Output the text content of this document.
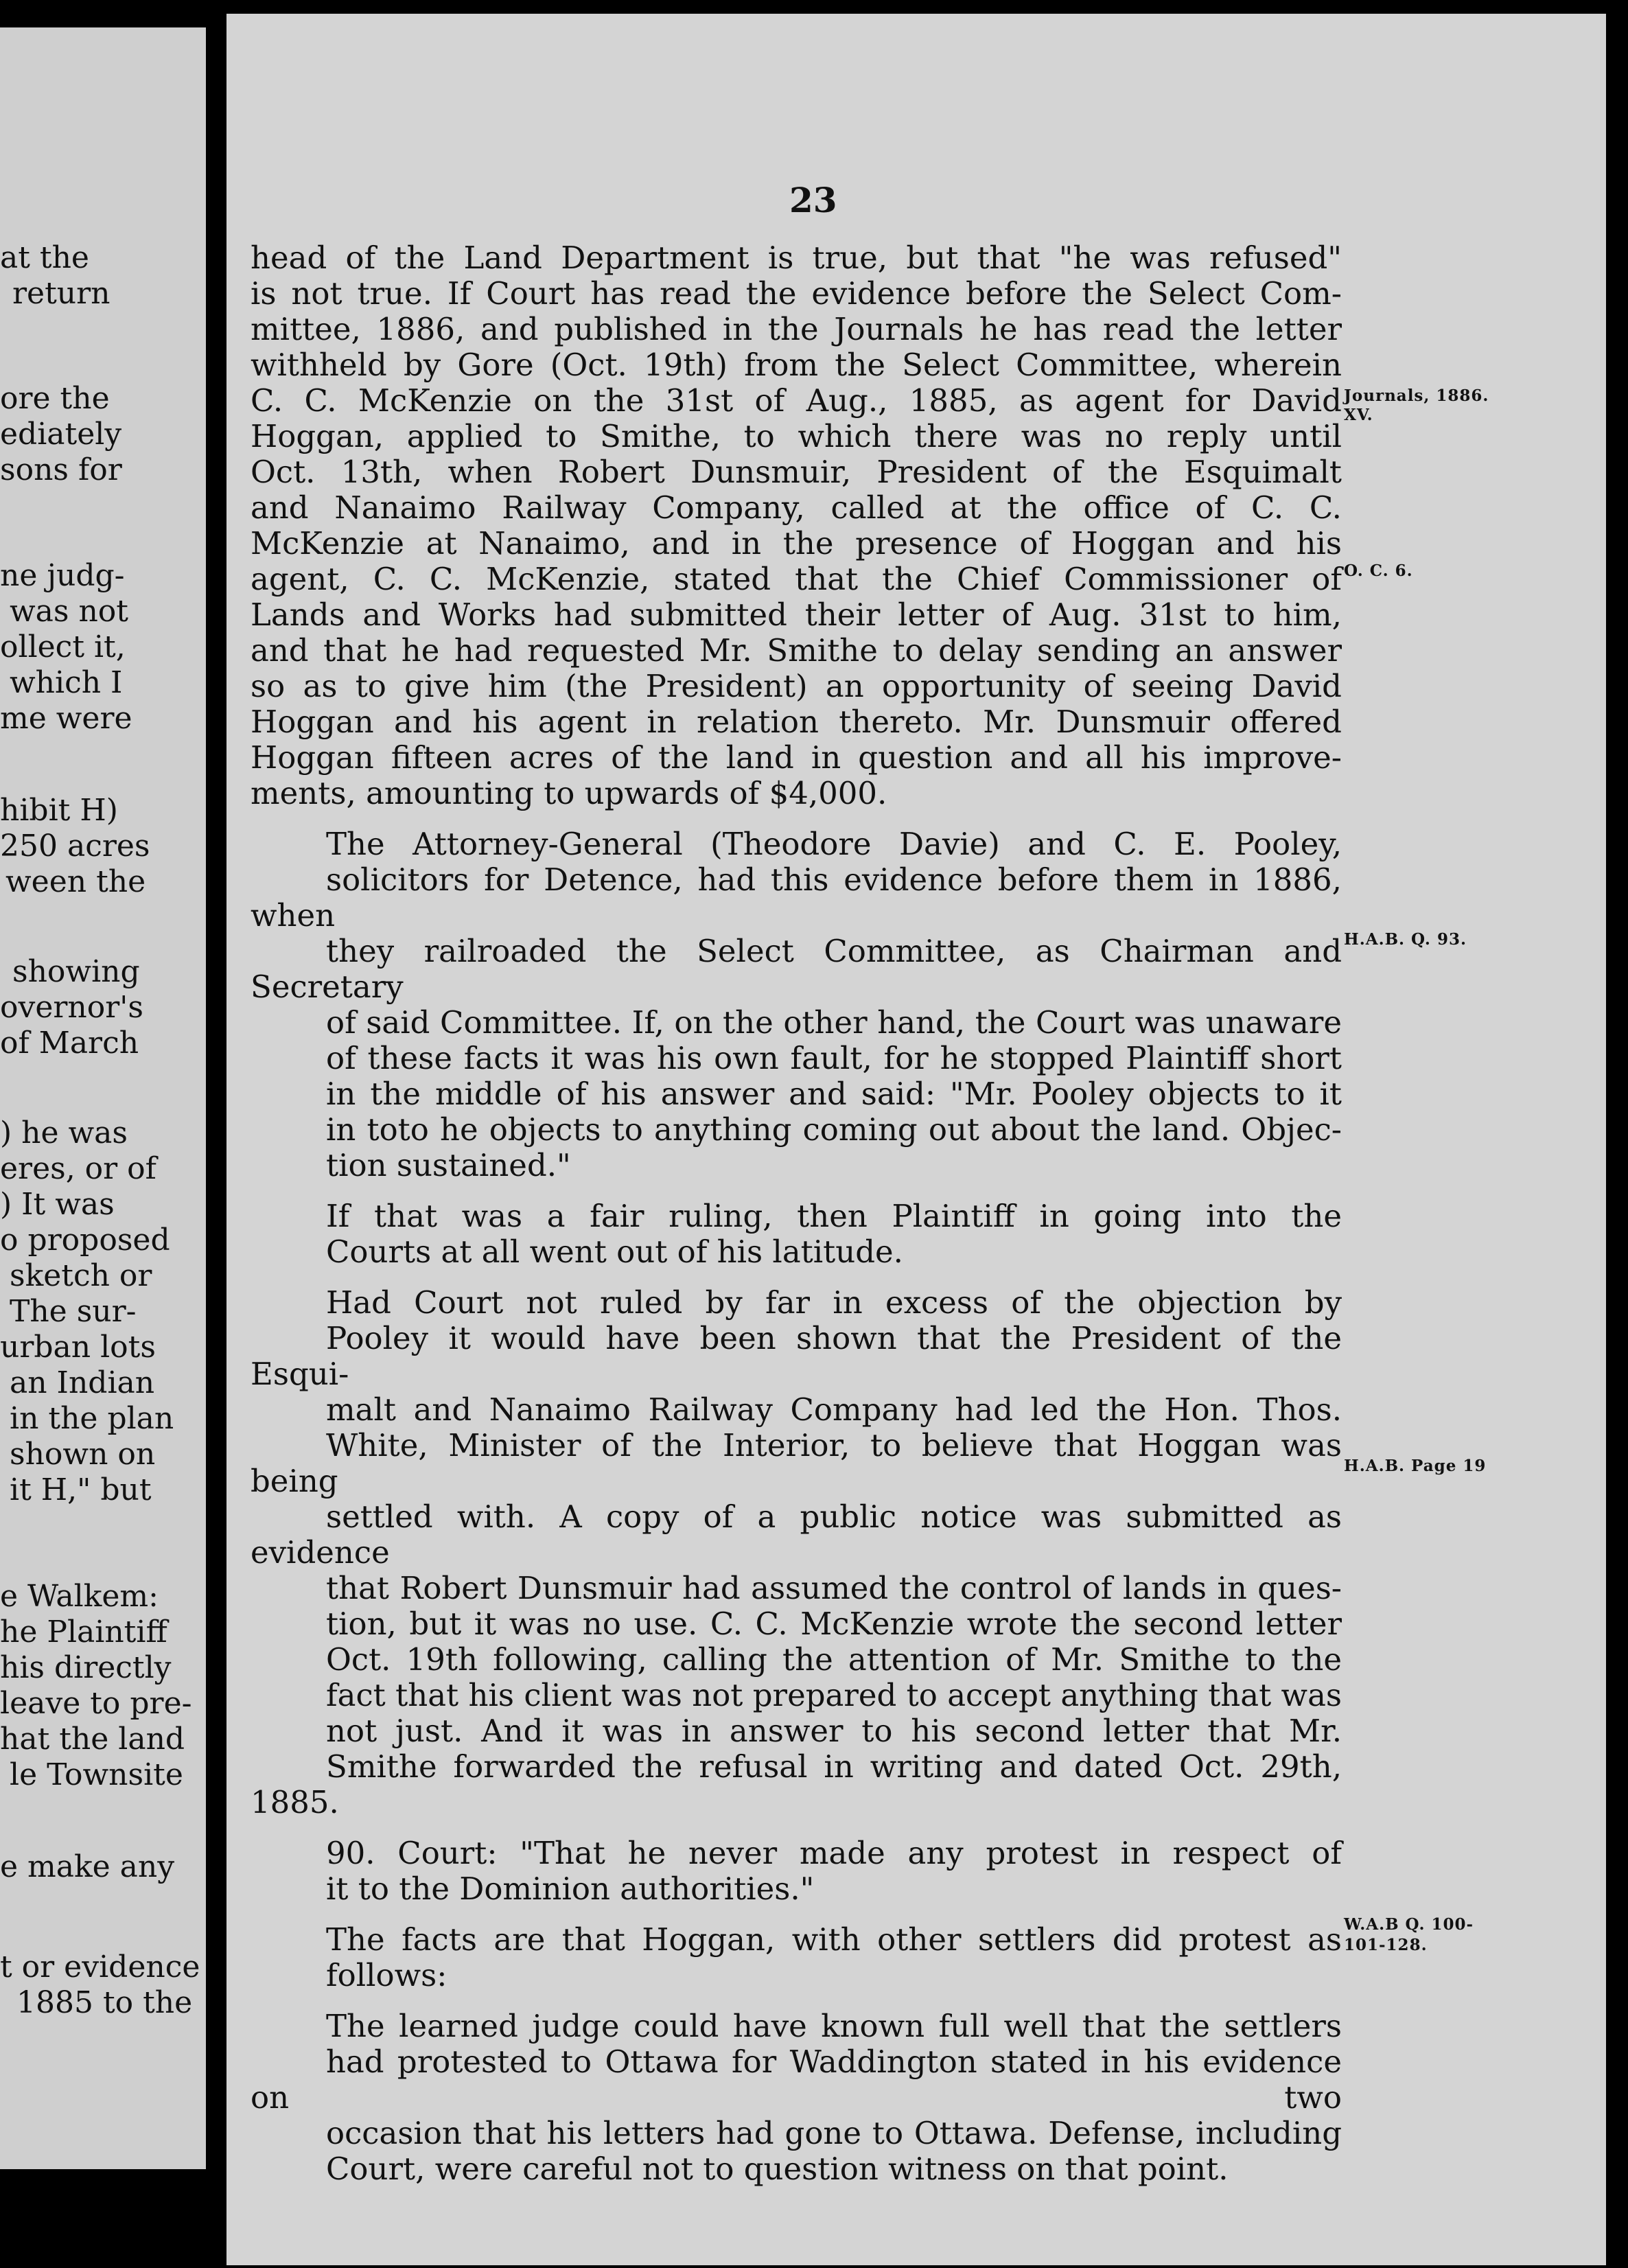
at the
return
ore the
ediately
sons for
ne judg-
was not
ollect it,
which I
me were
hibit H)
250 acres
ween the
showing
overnor's
of March
) he was
eres, or of
) It was
o proposed
sketch or
The sur-
urban lots
an Indian
in the plan
shown on
it H," but
e Walkem:
he Plaintiff
his directly
leave to pre-
hat the land
le Townsite
e make any
t or evidence
1885 to the
23

head of the Land Department is true, but that "he was refused"
is not true. If Court has read the evidence before the Select Com-
mittee, 1886, and published in the Journals he has read the letter
withheld by Gore (Oct. 19th) from the Select Committee, wherein
C. C. McKenzie on the 31st of Aug., 1885, as agent for David
Hoggan, applied to Smithe, to which there was no reply until
Oct. 13th, when Robert Dunsmuir, President of the Esquimalt
and Nanaimo Railway Company, called at the office of C. C.
McKenzie at Nanaimo, and in the presence of Hoggan and his
agent, C. C. McKenzie, stated that the Chief Commissioner of
Lands and Works had submitted their letter of Aug. 31st to him,
and that he had requested Mr. Smithe to delay sending an answer
so as to give him (the President) an opportunity of seeing David
Hoggan and his agent in relation thereto. Mr. Dunsmuir offered
Hoggan fifteen acres of the land in question and all his improve-
ments, amounting to upwards of $4,000.

The Attorney-General (Theodore Davie) and C. E. Pooley,
solicitors for Detence, had this evidence before them in 1886, when
they railroaded the Select Committee, as Chairman and Secretary
of said Committee. If, on the other hand, the Court was unaware
of these facts it was his own fault, for he stopped Plaintiff short
in the middle of his answer and said: "Mr. Pooley objects to it
in toto he objects to anything coming out about the land. Objec-
tion sustained."

If that was a fair ruling, then Plaintiff in going into the
Courts at all went out of his latitude.

Had Court not ruled by far in excess of the objection by
Pooley it would have been shown that the President of the Esqui-
malt and Nanaimo Railway Company had led the Hon. Thos.
White, Minister of the Interior, to believe that Hoggan was being
settled with. A copy of a public notice was submitted as evidence
that Robert Dunsmuir had assumed the control of lands in ques-
tion, but it was no use. C. C. McKenzie wrote the second letter
Oct. 19th following, calling the attention of Mr. Smithe to the
fact that his client was not prepared to accept anything that was
not just. And it was in answer to his second letter that Mr.
Smithe forwarded the refusal in writing and dated Oct. 29th, 1885.

90. Court: "That he never made any protest in respect of
it to the Dominion authorities."

The facts are that Hoggan, with other settlers did protest as
follows:

The learned judge could have known full well that the settlers
had protested to Ottawa for Waddington stated in his evidence on two
occasion that his letters had gone to Ottawa. Defense, including
Court, were careful not to question witness on that point.

Journals, 1886.
XV.
O. C. 6.
H.A.B. Q. 93.
H.A.B. Page 19
W.A.B Q. 100-
101-128.
